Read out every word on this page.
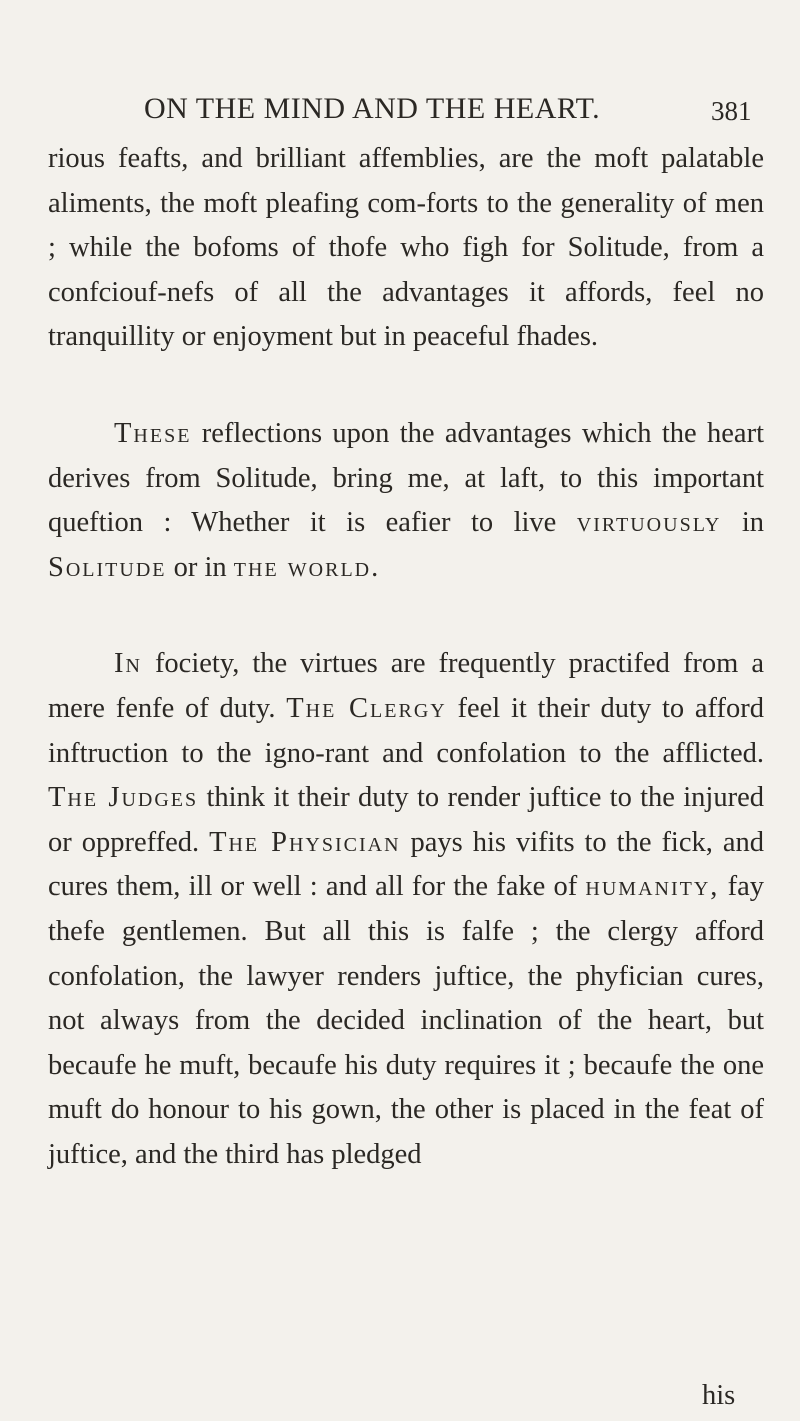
ON THE MIND AND THE HEART.	381

rious feafts, and brilliant affemblies, are the moft palatable aliments, the moft pleafing com-forts to the generality of men ; while the bofoms of thofe who figh for Solitude, from a confciouf-nefs of all the advantages it affords, feel no tranquillity or enjoyment but in peaceful fhades.

These reflections upon the advantages which the heart derives from Solitude, bring me, at laft, to this important queftion : Whether it is eafier to live virtuously in Solitude or in the world.

In fociety, the virtues are frequently practifed from a mere fenfe of duty. The Clergy feel it their duty to afford inftruction to the igno-rant and confolation to the afflicted. The Judges think it their duty to render juftice to the injured or oppreffed. The Physician pays his vifits to the fick, and cures them, ill or well : and all for the fake of humanity, fay thefe gentlemen. But all this is falfe ; the clergy afford confolation, the lawyer renders juftice, the phyfician cures, not always from the decided inclination of the heart, but becaufe he muft, becaufe his duty requires it ; becaufe the one muft do honour to his gown, the other is placed in the feat of juftice, and the third has pledged

his
